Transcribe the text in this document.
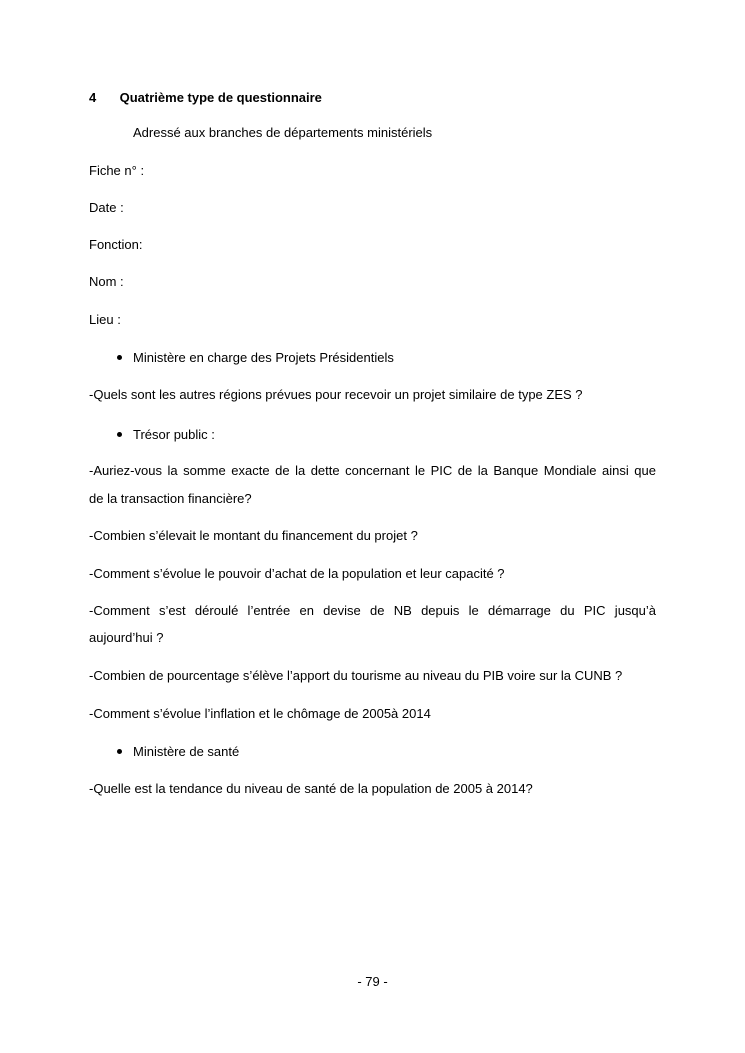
4 Quatrième type de questionnaire
Adressé aux branches de départements ministériels
Fiche n° :
Date :
Fonction:
Nom :
Lieu :
Ministère en charge des Projets Présidentiels
-Quels sont les autres régions prévues pour recevoir un projet similaire de type ZES ?
Trésor public :
-Auriez-vous la somme exacte de la dette concernant le PIC de la Banque Mondiale ainsi que
de la transaction financière?
-Combien s’élevait le montant du financement du projet ?
-Comment s’évolue le pouvoir d’achat de la population et leur capacité ?
-Comment s’est déroulé l’entrée en devise de NB depuis le démarrage du PIC jusqu’à
aujourd’hui ?
-Combien de pourcentage s’élève l’apport du tourisme au niveau du PIB voire sur la CUNB ?
-Comment s’évolue l’inflation et le chômage de 2005à 2014
Ministère de santé
-Quelle est la tendance du niveau de santé de la population de 2005 à 2014?
- 79 -
